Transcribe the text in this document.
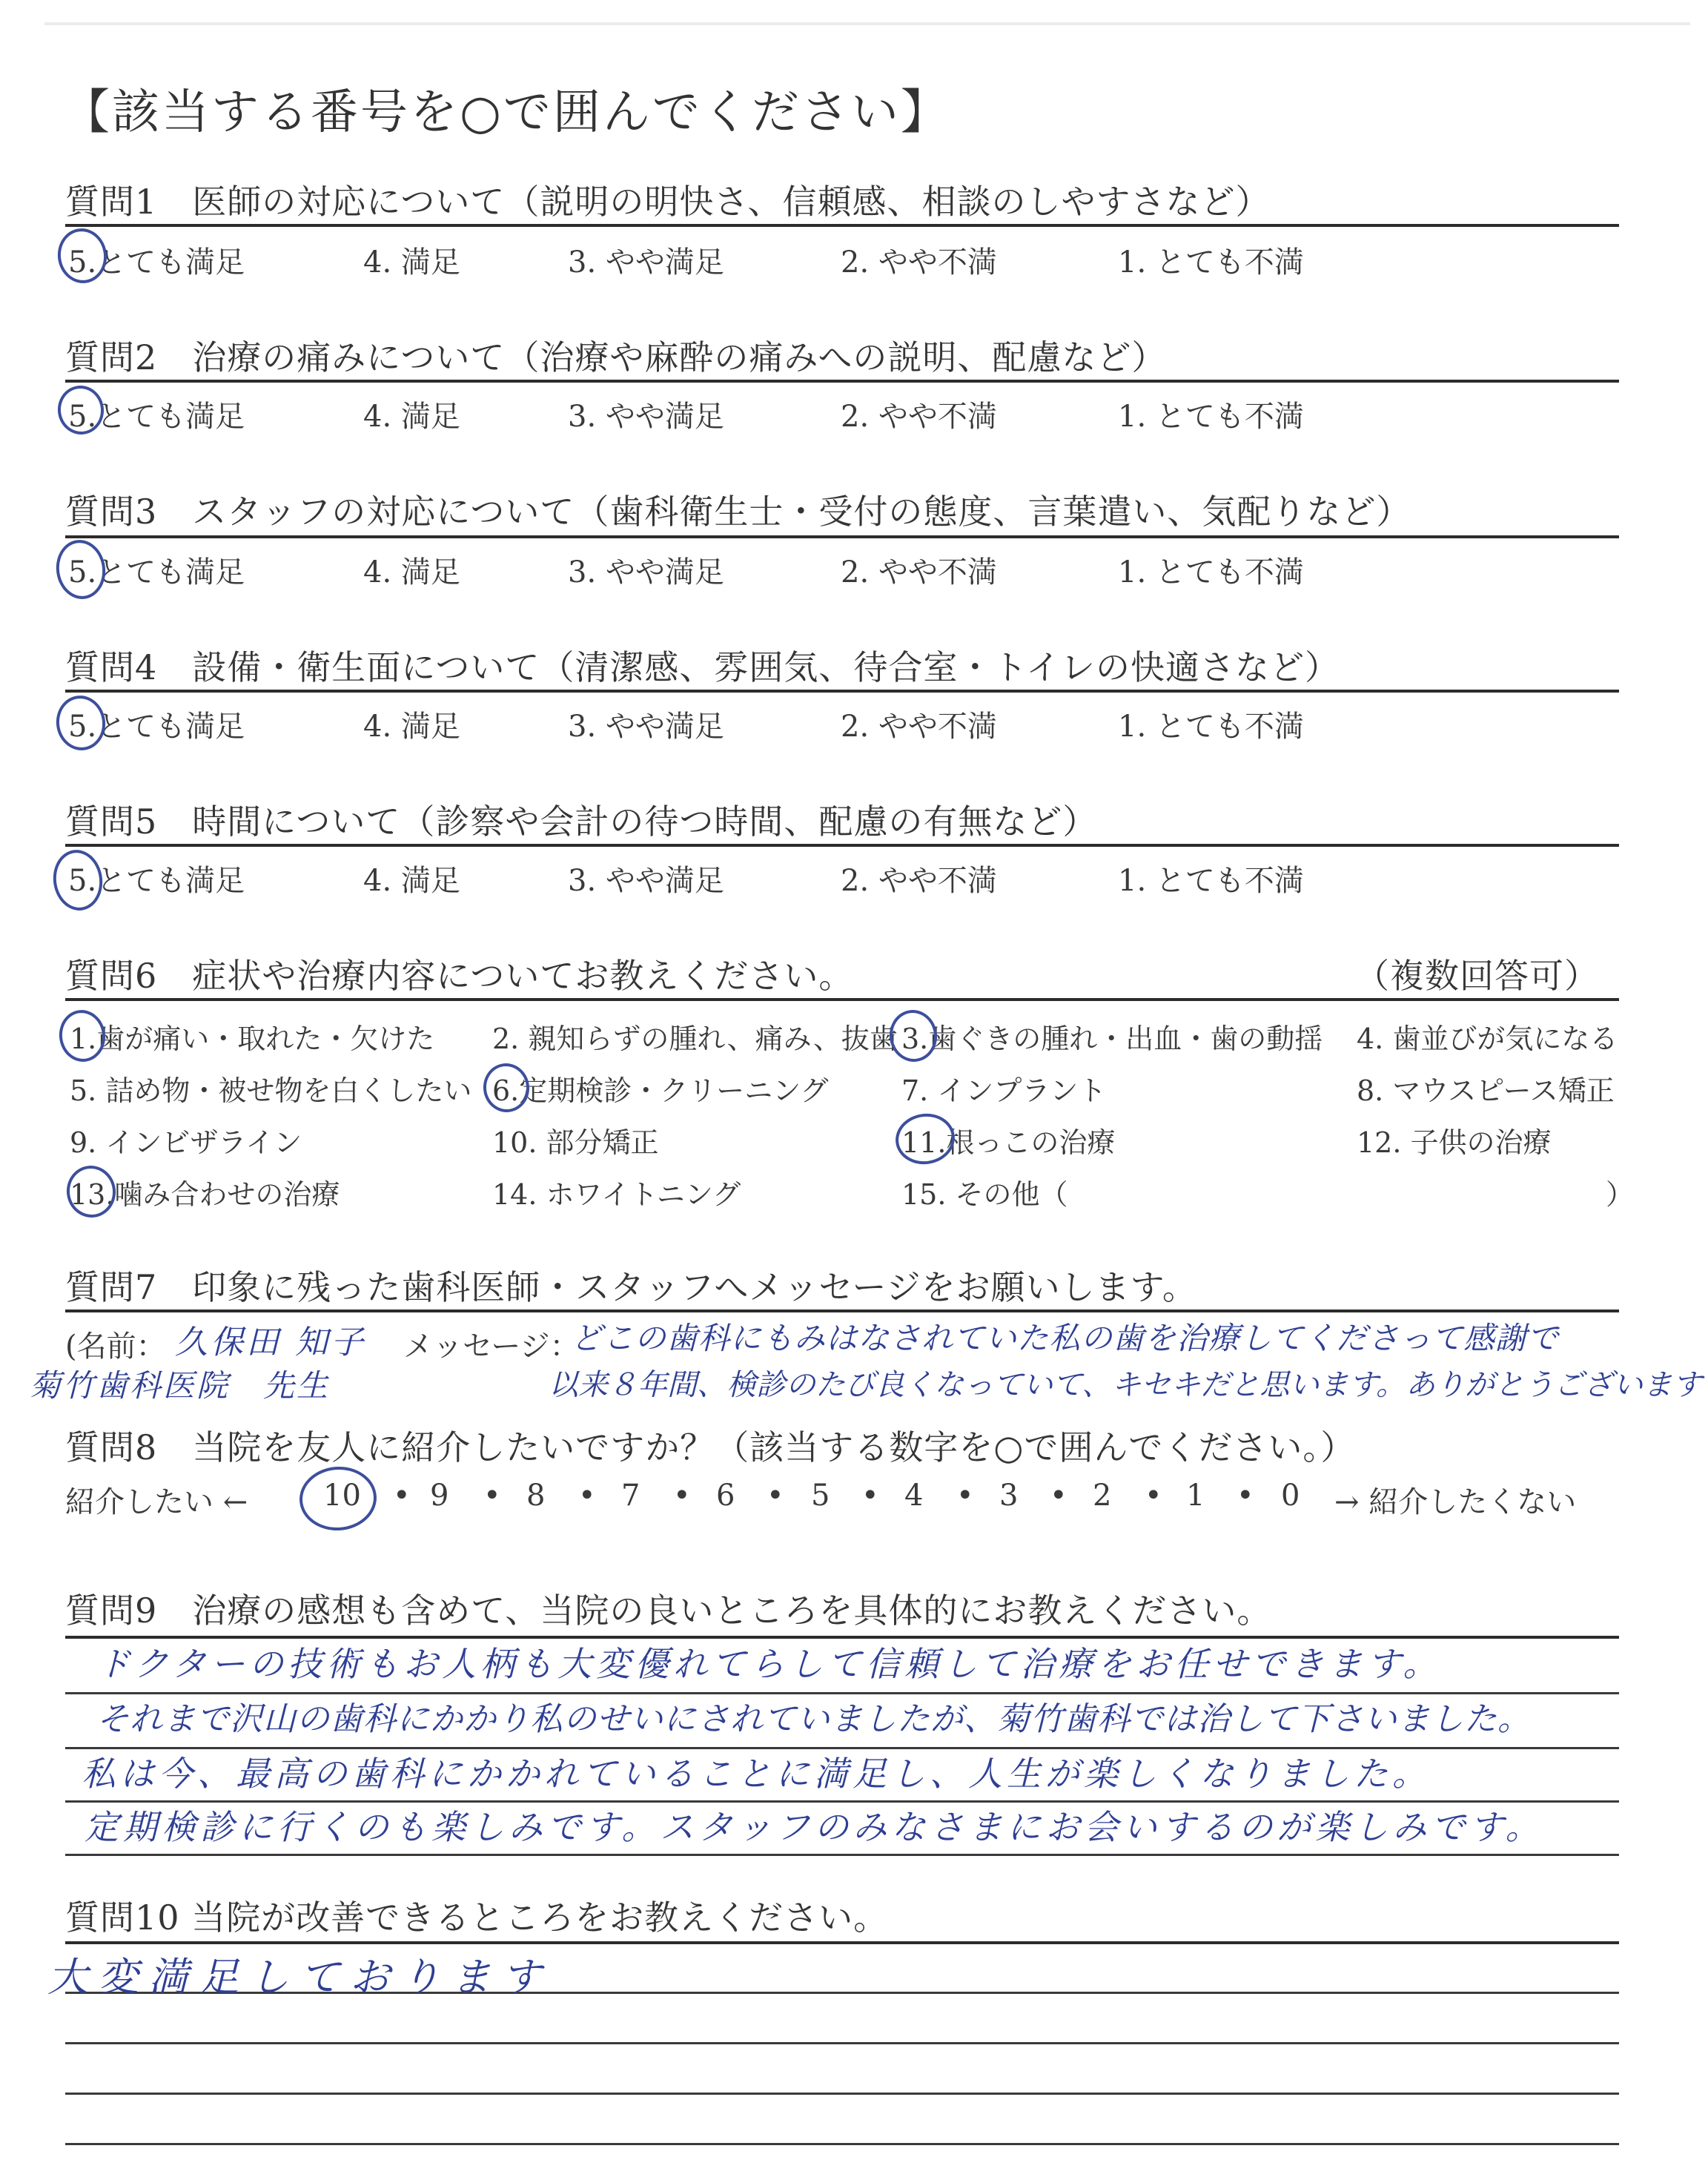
【該当する番号を○で囲んでください】
質問1　医師の対応について（説明の明快さ、信頼感、相談のしやすさなど）
5.とても満足	4. 満足	3. やや満足	2. やや不満	1. とても不満
質問2　治療の痛みについて（治療や麻酔の痛みへの説明、配慮など）
5.とても満足	4. 満足	3. やや満足	2. やや不満	1. とても不満
質問3　スタッフの対応について（歯科衛生士・受付の態度、言葉遣い、気配りなど）
5.とても満足	4. 満足	3. やや満足	2. やや不満	1. とても不満
質問4　設備・衛生面について（清潔感、雰囲気、待合室・トイレの快適さなど）
5.とても満足	4. 満足	3. やや満足	2. やや不満	1. とても不満
質問5　時間について（診察や会計の待つ時間、配慮の有無など）
5.とても満足	4. 満足	3. やや満足	2. やや不満	1. とても不満
質問6　症状や治療内容についてお教えください。	（複数回答可）
1.歯が痛い・取れた・欠けた 2. 親知らずの腫れ、痛み、抜歯 3.歯ぐきの腫れ・出血・歯の動揺 4. 歯並びが気になる
5. 詰め物・被せ物を白くしたい 6.定期検診・クリーニング	7. インプラント	8. マウスピース矯正
9. インビザライン	10. 部分矯正	11.根っこの治療	12. 子供の治療
13.噛み合わせの治療	14. ホワイトニング	15. その他（	）
質問7　印象に残った歯科医師・スタッフへメッセージをお願いします。
(名前： 久保田 知子 メッセージ：
どこの歯科にもみはなされていた私の歯を治療してくださって感謝で
菊竹歯科医院　先生	以来８年間、検診のたび良くなっていて、キセキだと思います。ありがとうございます
質問8　当院を友人に紹介したいですか？（該当する数字を○で囲んでください。）
紹介したい ←	10 • 9 • 8 • 7 • 6 • 5 • 4 • 3 • 2 • 1 • 0 → 紹介したくない
質問9　治療の感想も含めて、当院の良いところを具体的にお教えください。
ドクターの技術もお人柄も大変優れてらして信頼して治療をお任せできます。
それまで沢山の歯科にかかり私のせいにされていましたが、菊竹歯科では治して下さいました。
私は今、最高の歯科にかかれていることに満足し、人生が楽しくなりました。
定期検診に行くのも楽しみです。スタッフのみなさまにお会いするのが楽しみです。
質問10 当院が改善できるところをお教えください。
大変満足しております
